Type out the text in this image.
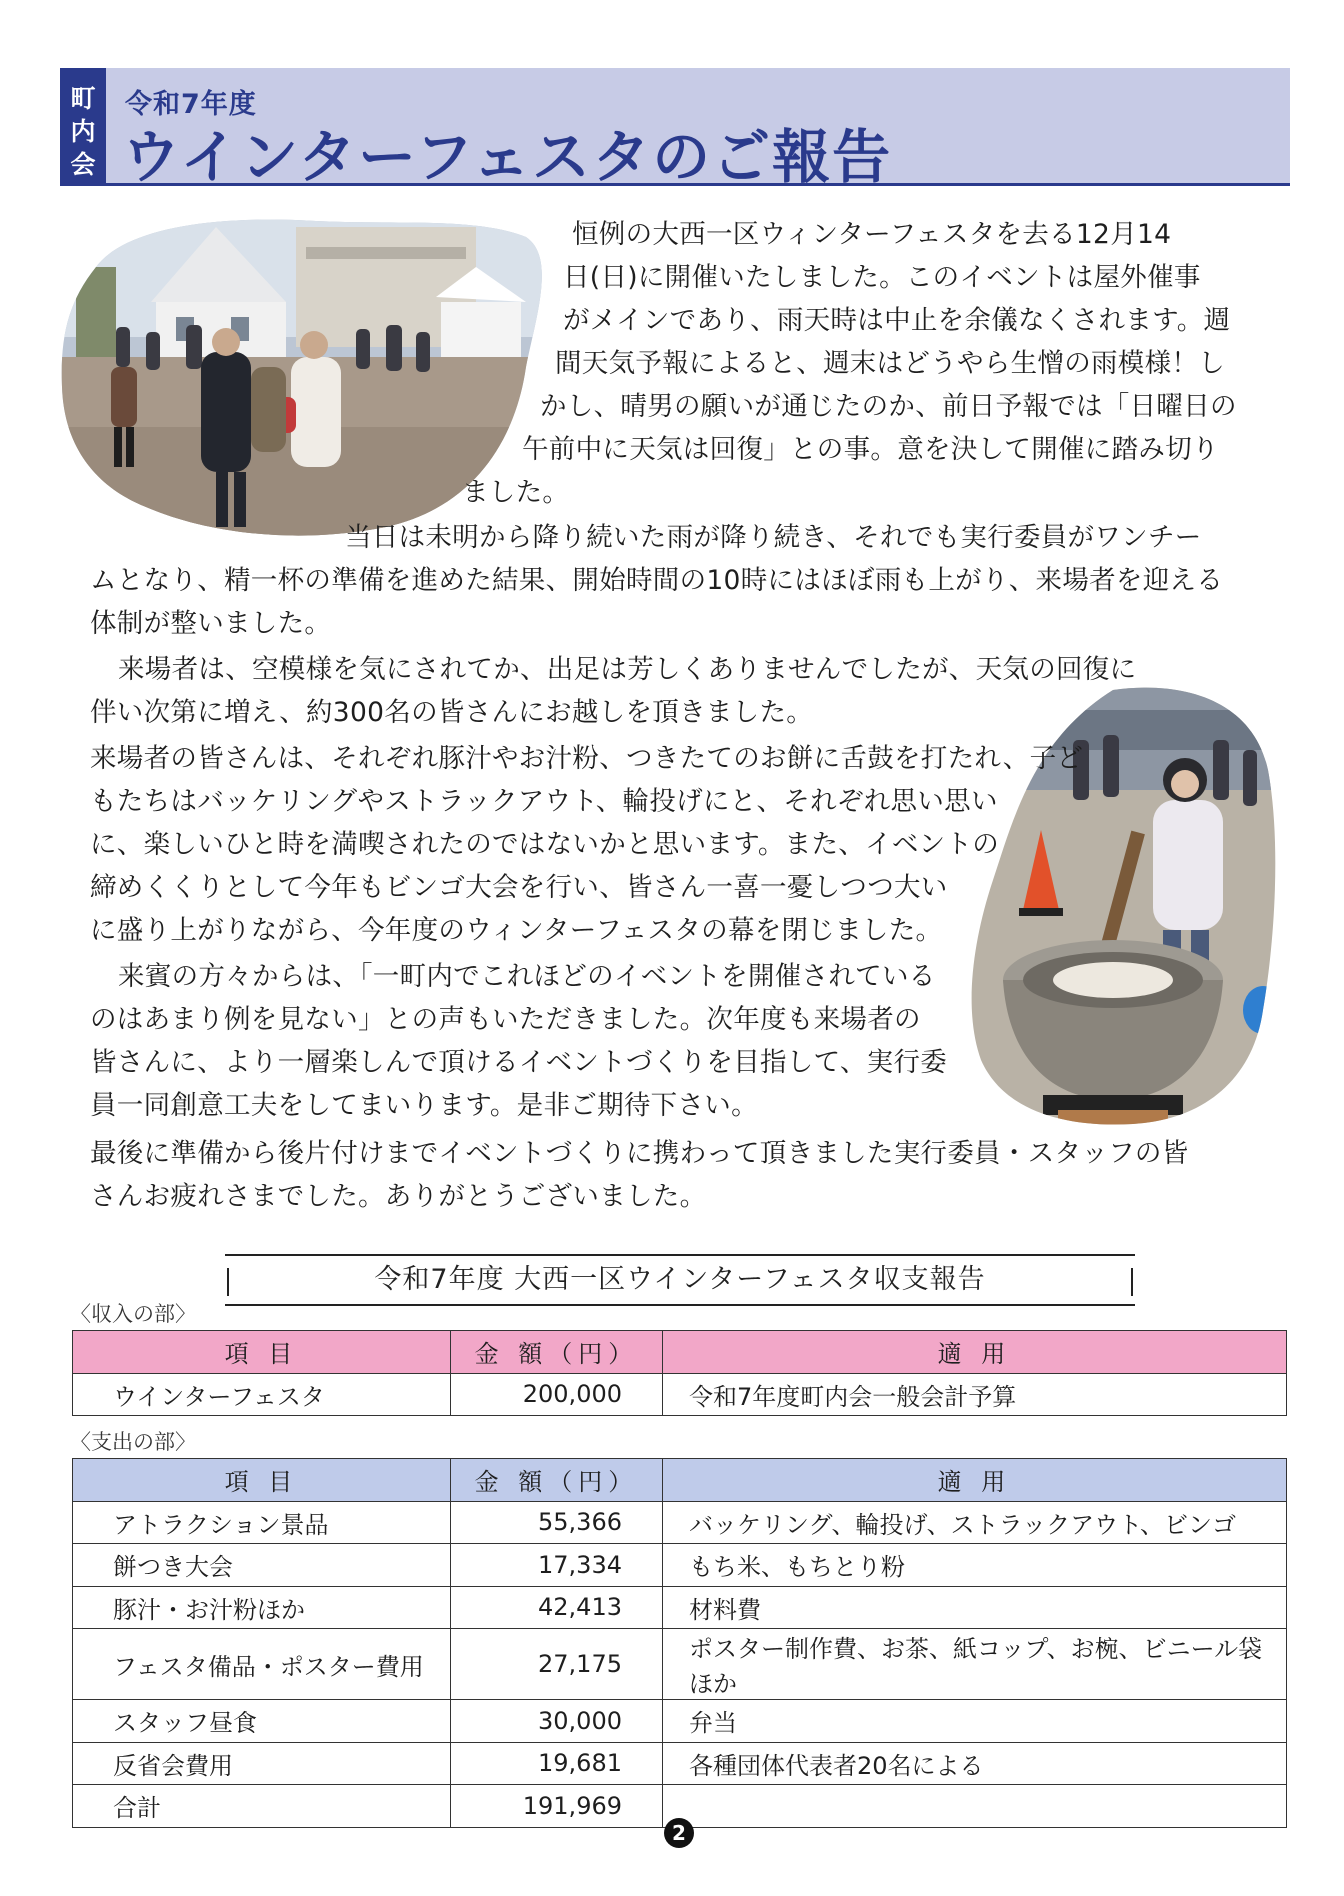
町
内
会
令和7年度
ウインターフェスタのご報告
恒例の大西一区ウィンターフェスタを去る12月14
日(日)に開催いたしました。このイベントは屋外催事
がメインであり、雨天時は中止を余儀なくされます。週
間天気予報によると、週末はどうやら生憎の雨模様！し
かし、晴男の願いが通じたのか、前日予報では「日曜日の
午前中に天気は回復」との事。意を決して開催に踏み切り
ました。
当日は未明から降り続いた雨が降り続き、それでも実行委員がワンチー
ムとなり、精一杯の準備を進めた結果、開始時間の10時にはほぼ雨も上がり、来場者を迎える
体制が整いました。
来場者は、空模様を気にされてか、出足は芳しくありませんでしたが、天気の回復に
伴い次第に増え、約300名の皆さんにお越しを頂きました。
来場者の皆さんは、それぞれ豚汁やお汁粉、つきたてのお餅に舌鼓を打たれ、子ど
もたちはバッケリングやストラックアウト、輪投げにと、それぞれ思い思い
に、楽しいひと時を満喫されたのではないかと思います。また、イベントの
締めくくりとして今年もビンゴ大会を行い、皆さん一喜一憂しつつ大い
に盛り上がりながら、今年度のウィンターフェスタの幕を閉じました。
来賓の方々からは、「一町内でこれほどのイベントを開催されている
のはあまり例を見ない」との声もいただきました。次年度も来場者の
皆さんに、より一層楽しんで頂けるイベントづくりを目指して、実行委
員一同創意工夫をしてまいります。是非ご期待下さい。
最後に準備から後片付けまでイベントづくりに携わって頂きました実行委員・スタッフの皆
さんお疲れさまでした。ありがとうございました。
令和7年度 大西一区ウインターフェスタ収支報告
〈収入の部〉
項 目	金 額（円）	適 用
ウインターフェスタ	200,000	令和7年度町内会一般会計予算
〈支出の部〉
項 目	金 額（円）	適 用
アトラクション景品	55,366	バッケリング、輪投げ、ストラックアウト、ビンゴ
餅つき大会	17,334	もち米、もちとり粉
豚汁・お汁粉ほか	42,413	材料費
フェスタ備品・ポスター費用	27,175	ポスター制作費、お茶、紙コップ、お椀、ビニール袋ほか
スタッフ昼食	30,000	弁当
反省会費用	19,681	各種団体代表者20名による
合計	191,969	
2
